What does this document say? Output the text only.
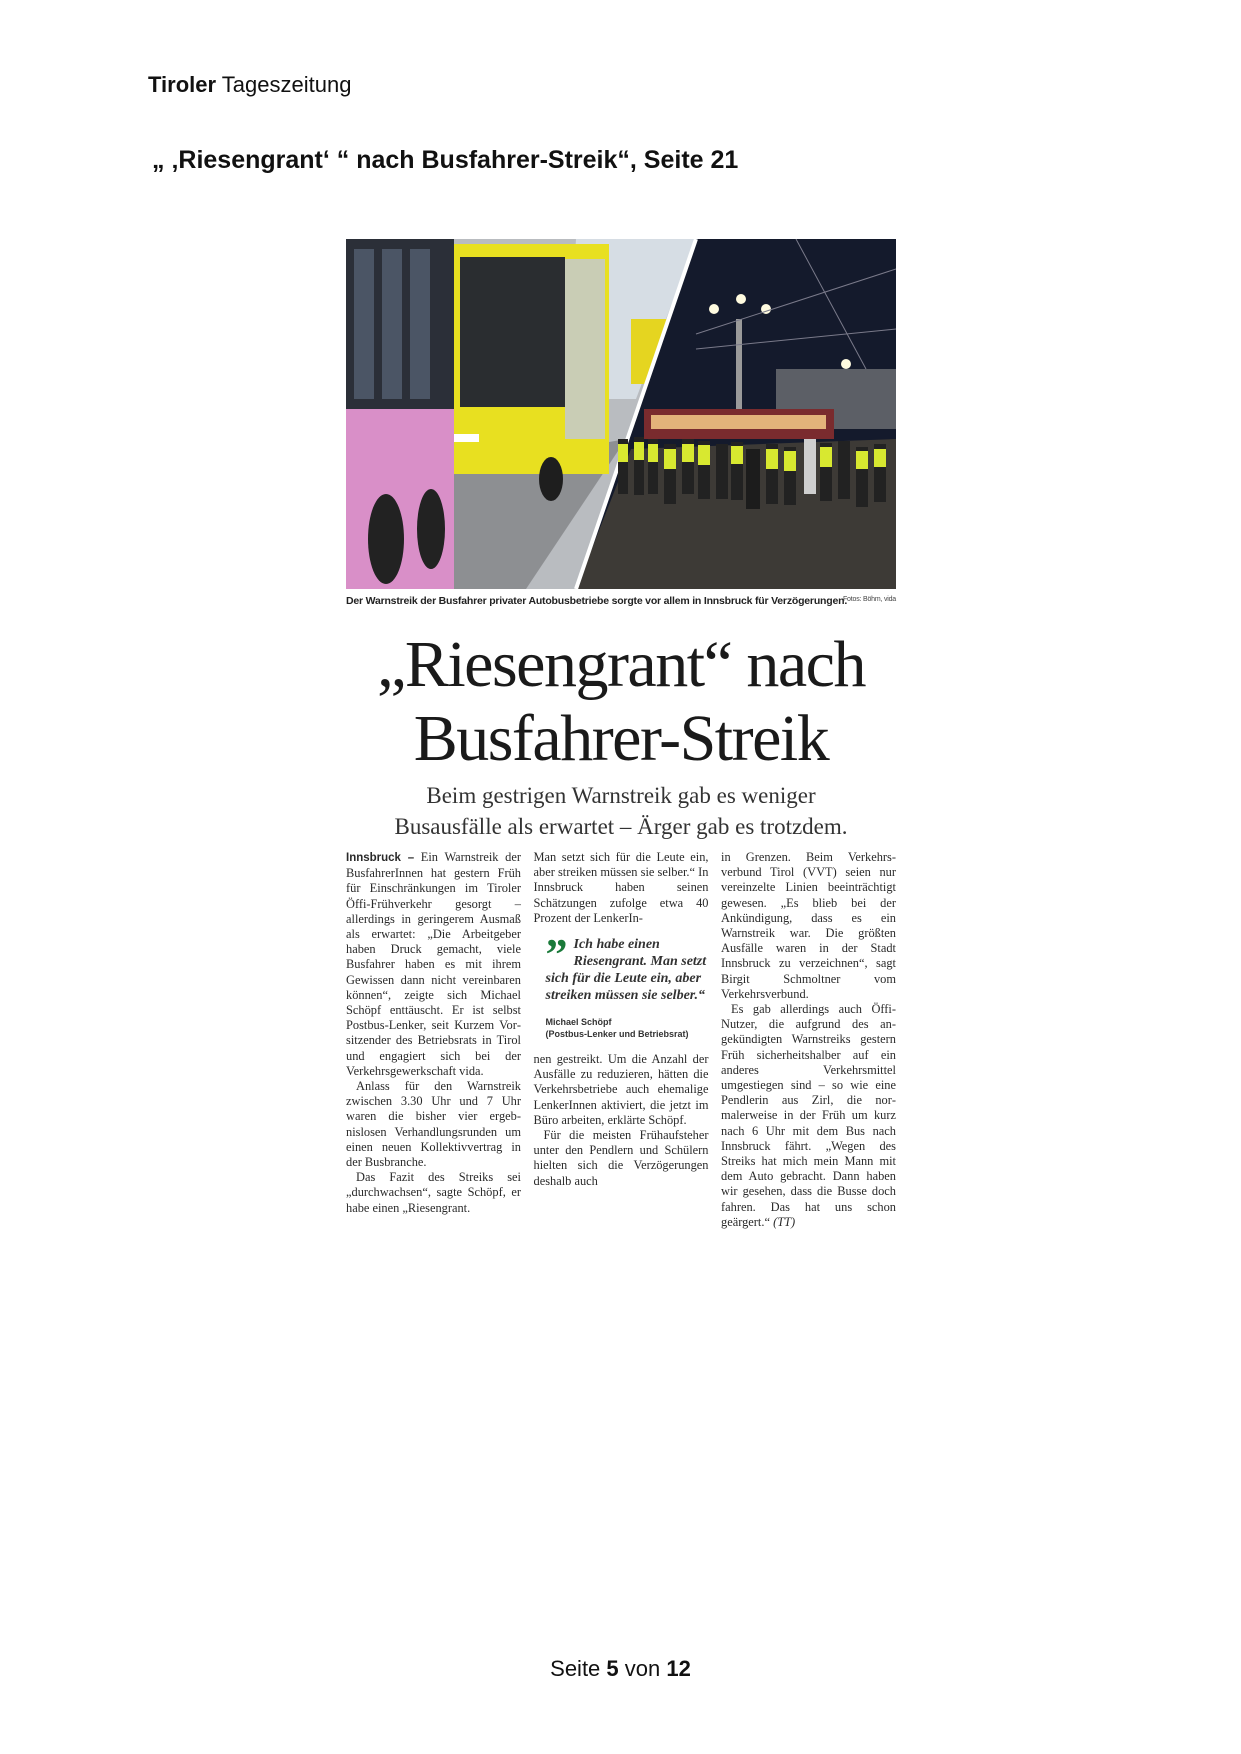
Tiroler Tageszeitung
„ ‚Riesengrant‘ “ nach Busfahrer-Streik“, Seite 21
Der Warnstreik der Busfahrer privater Autobusbetriebe sorgte vor allem in Innsbruck für Verzögerungen.
Fotos: Böhm, vida
„Riesengrant“ nach
Busfahrer-Streik
Beim gestrigen Warnstreik gab es weniger
Busausfälle als erwartet – Ärger gab es trotzdem.

Innsbruck – Ein Warnstreik der BusfahrerInnen hat gestern Früh für Einschränkungen im Tiroler Öffi-Frühverkehr gesorgt – allerdings in geringerem Ausmaß als erwartet: „Die Arbeitgeber haben Druck gemacht, viele Busfahrer haben es mit ihrem Gewissen dann nicht vereinbaren können“, zeigte sich Michael Schöpf enttäuscht. Er ist selbst Postbus-Lenker, seit Kurzem Vorsitzender des Betriebsrats in Tirol und engagiert sich bei der Verkehrsgewerkschaft vida.

Anlass für den Warnstreik zwischen 3.30 Uhr und 7 Uhr waren die bisher vier ergebnislosen Verhandlungsrunden um einen neuen Kollektivvertrag in der Busbranche.

Das Fazit des Streiks sei „durchwachsen“, sagte Schöpf, er habe einen „Riesengrant.

Man setzt sich für die Leute ein, aber streiken müssen sie selber.“ In Innsbruck haben seinen Schätzungen zufolge etwa 40 Prozent der LenkerIn-

” Ich habe einen Riesengrant. Man setzt sich für die Leute ein, aber streiken müssen sie selber.“
Michael Schöpf
(Postbus-Lenker und Betriebsrat)

nen gestreikt. Um die Anzahl der Ausfälle zu reduzieren, hätten die Verkehrsbetriebe auch ehemalige LenkerInnen aktiviert, die jetzt im Büro arbeiten, erklärte Schöpf.

Für die meisten Frühaufsteher unter den Pendlern und Schülern hielten sich die Verzögerungen deshalb auch

in Grenzen. Beim Verkehrsverbund Tirol (VVT) seien nur vereinzelte Linien beeinträchtigt gewesen. „Es blieb bei der Ankündigung, dass es ein Warnstreik war. Die größten Ausfälle waren in der Stadt Innsbruck zu verzeichnen“, sagt Birgit Schmoltner vom Verkehrsverbund.

Es gab allerdings auch Öffi-Nutzer, die aufgrund des angekündigten Warnstreiks gestern Früh sicherheitshalber auf ein anderes Verkehrsmittel umgestiegen sind – so wie eine Pendlerin aus Zirl, die normalerweise in der Früh um kurz nach 6 Uhr mit dem Bus nach Innsbruck fährt. „Wegen des Streiks hat mich mein Mann mit dem Auto gebracht. Dann haben wir gesehen, dass die Busse doch fahren. Das hat uns schon geärgert.“ (TT)

Seite 5 von 12
